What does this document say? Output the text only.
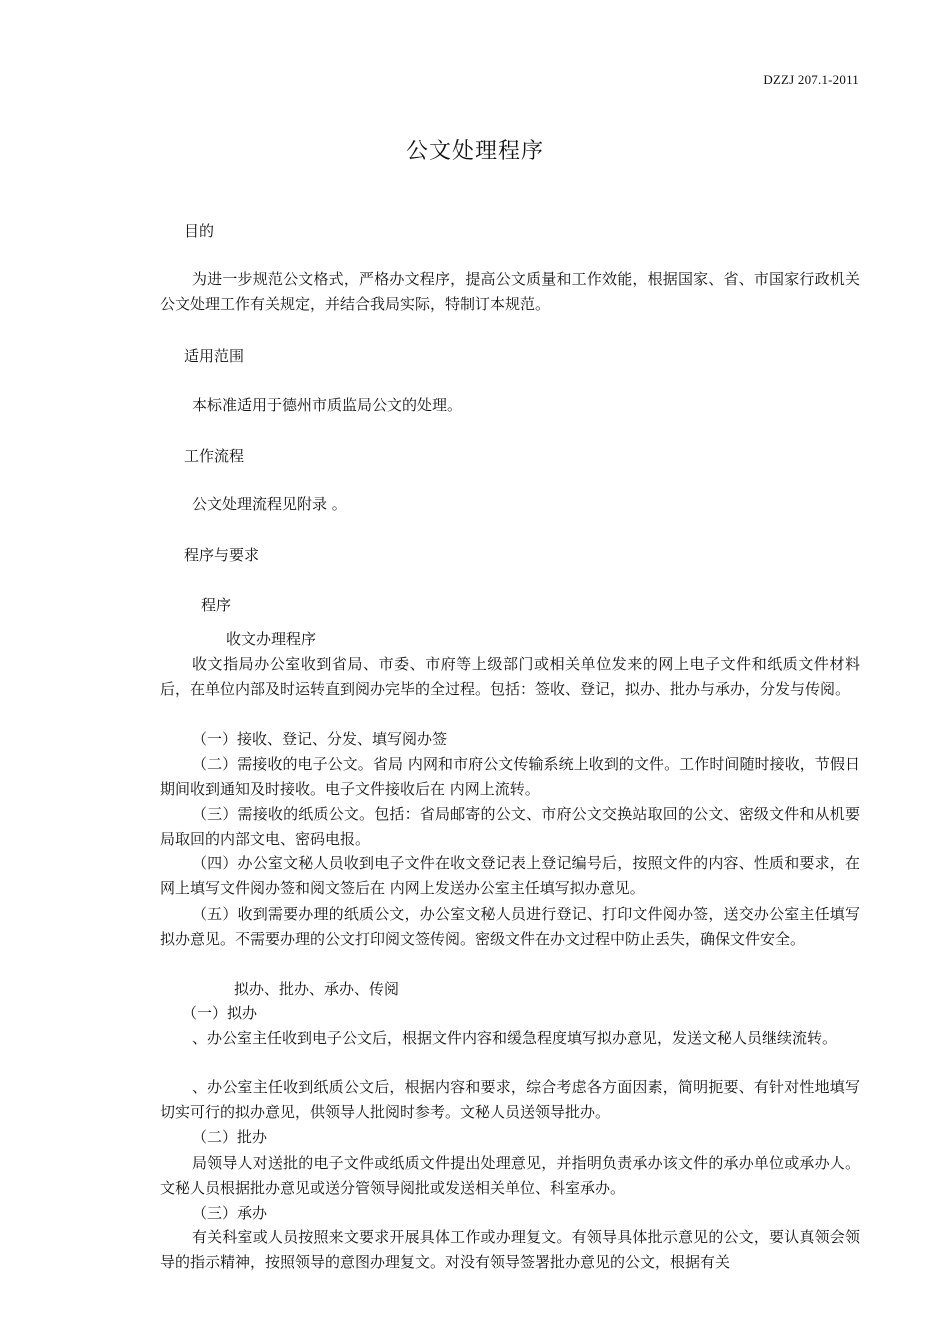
DZZJ 207.1-2011
公文处理程序
目的

为进一步规范公文格式，严格办文程序，提高公文质量和工作效能，根据国家、省、市国家行政机关公文处理工作有关规定，并结合我局实际，特制订本规范。

适用范围

本标准适用于德州市质监局公文的处理。

工作流程

公文处理流程见附录 。

程序与要求
程序
收文办理程序

收文指局办公室收到省局、市委、市府等上级部门或相关单位发来的网上电子文件和纸质文件材料后，在单位内部及时运转直到阅办完毕的全过程。包括：签收、登记，拟办、批办与承办，分发与传阅。

（一）接收、登记、分发、填写阅办签

（二）需接收的电子公文。省局 内网和市府公文传输系统上收到的文件。工作时间随时接收，节假日期间收到通知及时接收。电子文件接收后在 内网上流转。

（三）需接收的纸质公文。包括：省局邮寄的公文、市府公文交换站取回的公文、密级文件和从机要局取回的内部文电、密码电报。

（四）办公室文秘人员收到电子文件在收文登记表上登记编号后，按照文件的内容、性质和要求，在网上填写文件阅办签和阅文签后在 内网上发送办公室主任填写拟办意见。

（五）收到需要办理的纸质公文，办公室文秘人员进行登记、打印文件阅办签，送交办公室主任填写拟办意见。不需要办理的公文打印阅文签传阅。密级文件在办文过程中防止丢失，确保文件安全。

拟办、批办、承办、传阅
（一）拟办

、办公室主任收到电子公文后，根据文件内容和缓急程度填写拟办意见，发送文秘人员继续流转。

、办公室主任收到纸质公文后，根据内容和要求，综合考虑各方面因素，简明扼要、有针对性地填写切实可行的拟办意见，供领导人批阅时参考。文秘人员送领导批办。

（二）批办

局领导人对送批的电子文件或纸质文件提出处理意见，并指明负责承办该文件的承办单位或承办人。文秘人员根据批办意见或送分管领导阅批或发送相关单位、科室承办。

（三）承办

有关科室或人员按照来文要求开展具体工作或办理复文。有领导具体批示意见的公文，要认真领会领导的指示精神，按照领导的意图办理复文。对没有领导签署批办意见的公文，根据有关
